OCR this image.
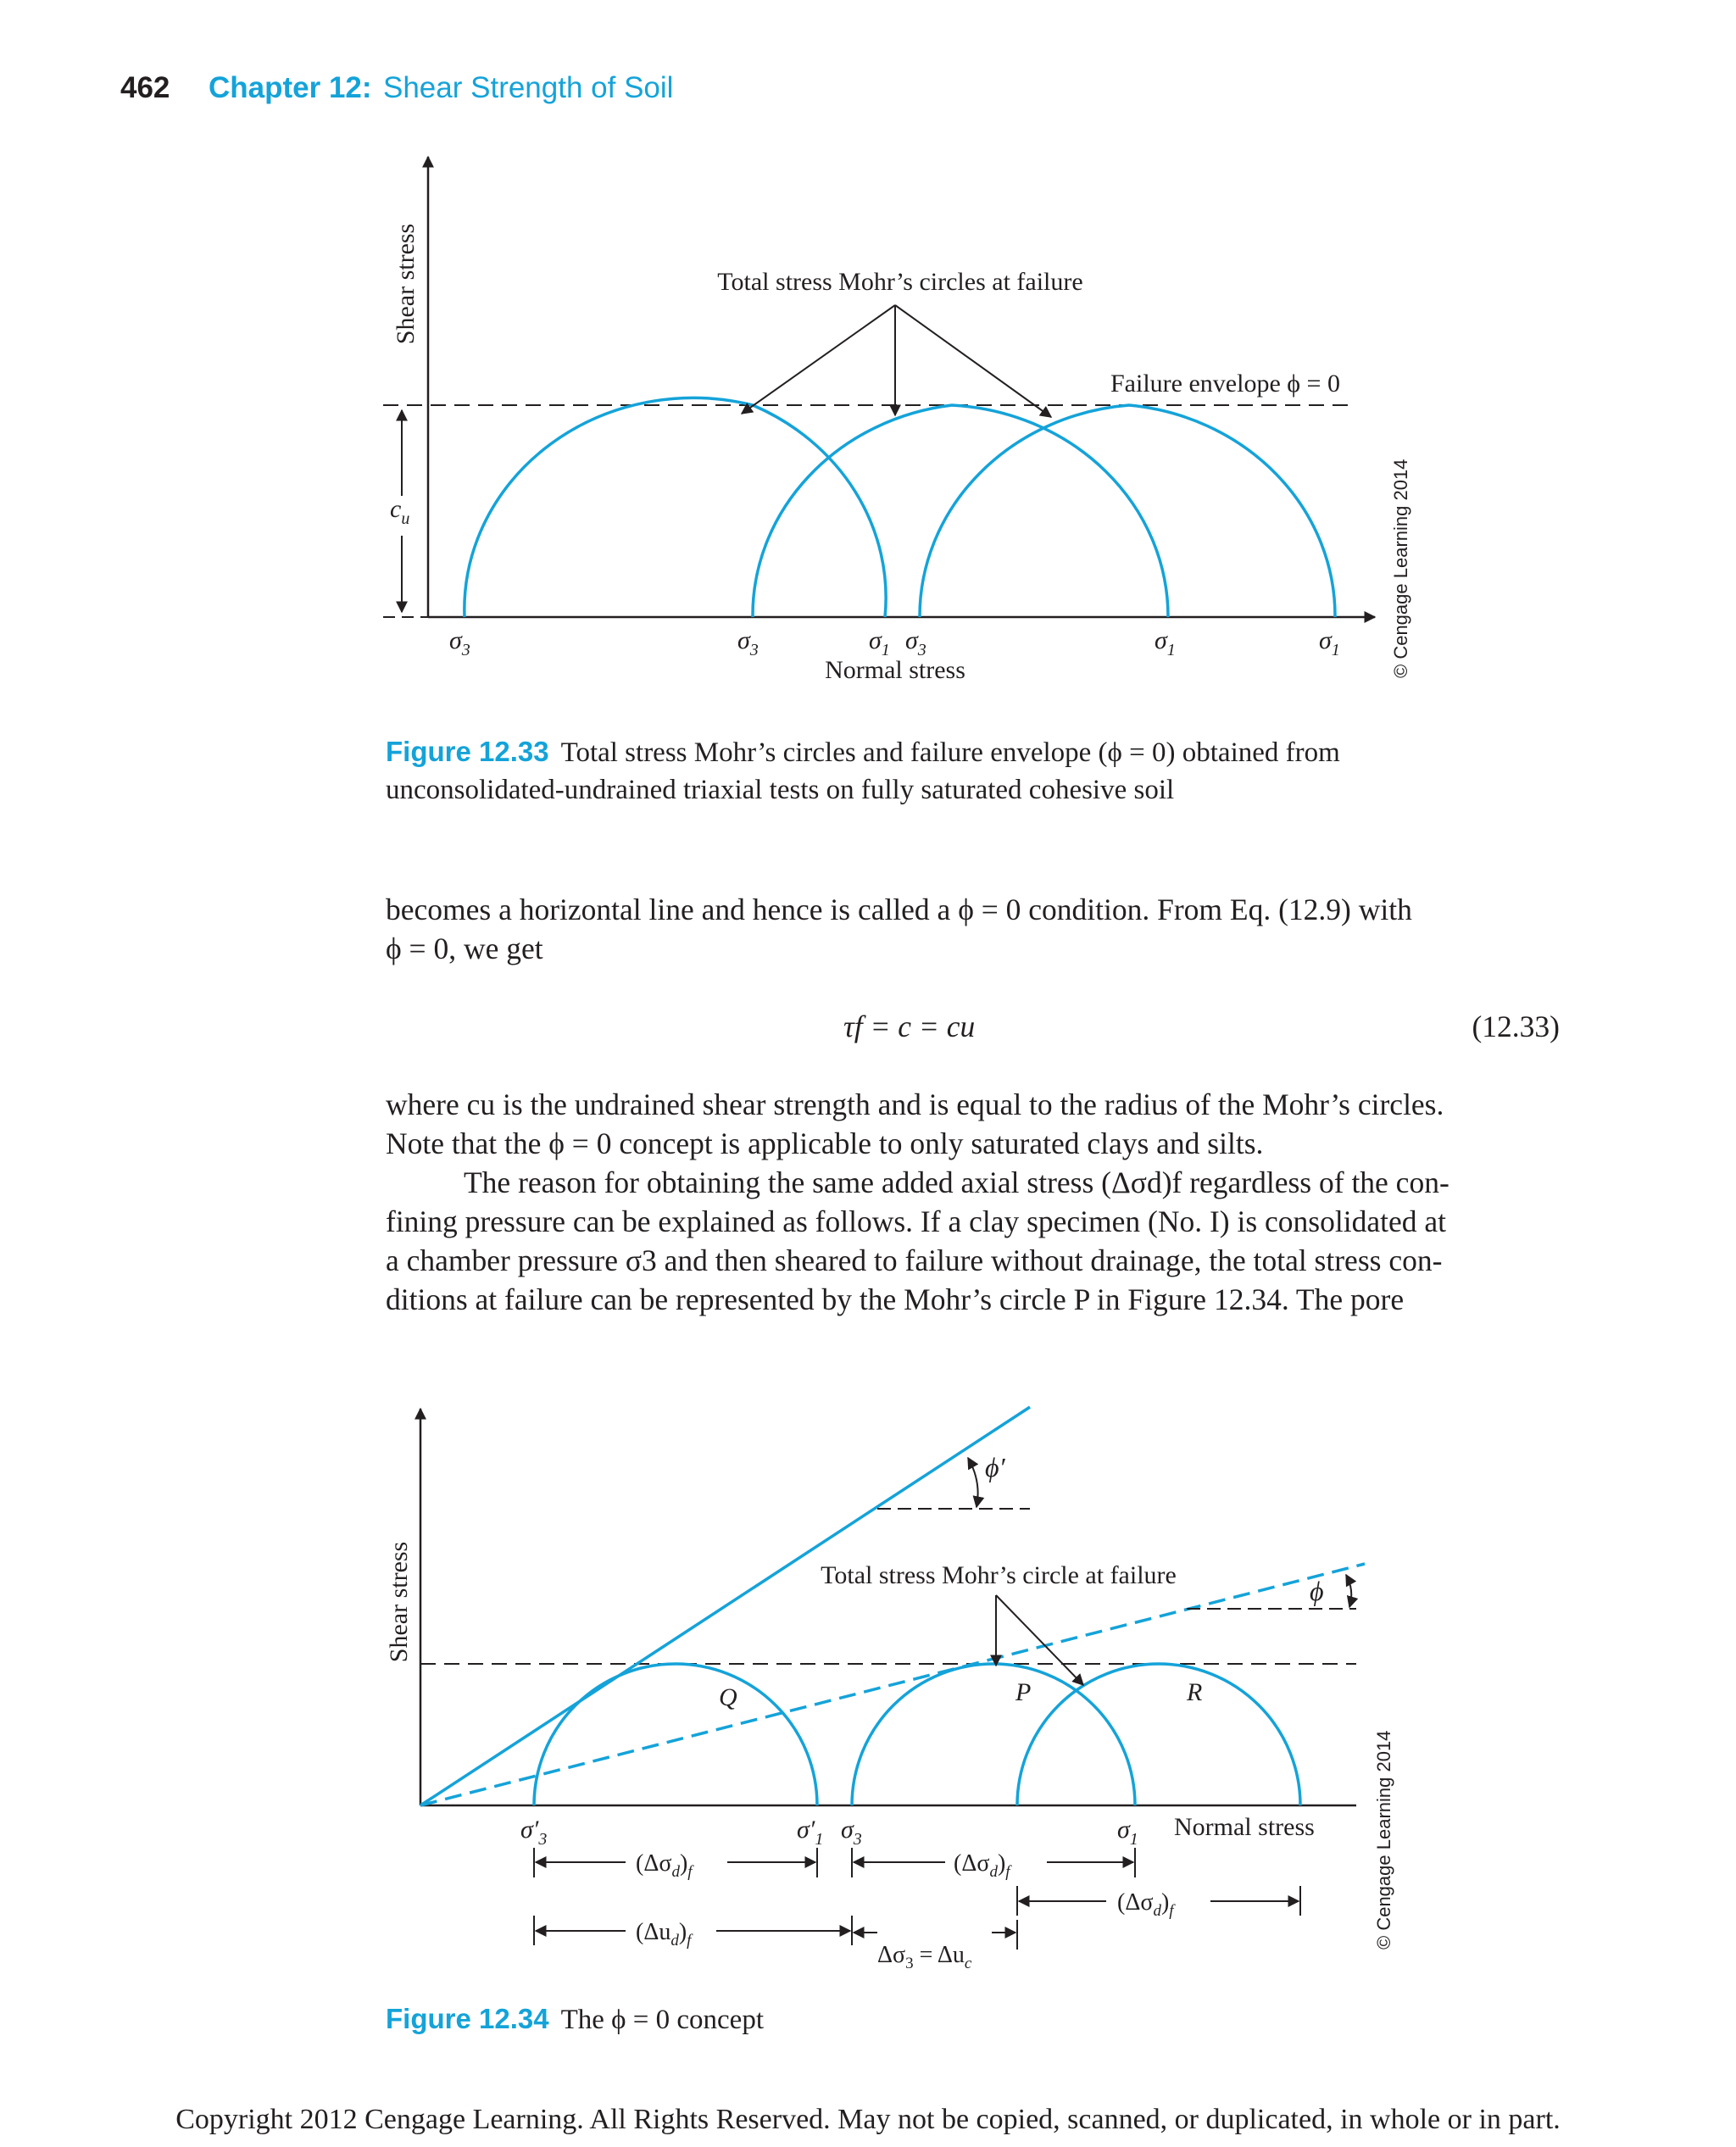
462 Chapter 12: Shear Strength of Soil
Shear stress
$c_u$
Total stress Mohr’s circles at failure
Failure envelope ϕ = 0
$\sigma_3$	$\sigma_3$	$\sigma_1$ $\sigma_3$	$\sigma_1$	$\sigma_1$
Normal stress	© Cengage Learning 2014
Figure 12.33 Total stress Mohr’s circles and failure envelope (ϕ = 0) obtained from
unconsolidated-undrained triaxial tests on fully saturated cohesive soil

becomes a horizontal line and hence is called a ϕ = 0 condition. From Eq. (12.9) with

ϕ = 0, we get

τf = c = cu	(12.33)

where cu is the undrained shear strength and is equal to the radius of the Mohr’s circles.

Note that the ϕ = 0 concept is applicable to only saturated clays and silts.

The reason for obtaining the same added axial stress (Δσd)f regardless of the con-

fining pressure can be explained as follows. If a clay specimen (No. I) is consolidated at

a chamber pressure σ3 and then sheared to failure without drainage, the total stress con-

ditions at failure can be represented by the Mohr’s circle P in Figure 12.34. The pore

Shear stress
ϕ′
ϕ
Q	P	R
Total stress Mohr’s circle at failure
$\sigma'_3$	$\sigma'_1$ $\sigma_3$	$\sigma_1$ Normal stress
$(\Delta\sigma_d)_f$	$(\Delta\sigma_d)_f$
$(\Delta\sigma_d)_f$
$(\Delta u_d)_f$
$\Delta\sigma_3 = \Delta u_c$
© Cengage Learning 2014
Figure 12.34 The ϕ = 0 concept
Copyright 2012 Cengage Learning. All Rights Reserved. May not be copied, scanned, or duplicated, in whole or in part.
